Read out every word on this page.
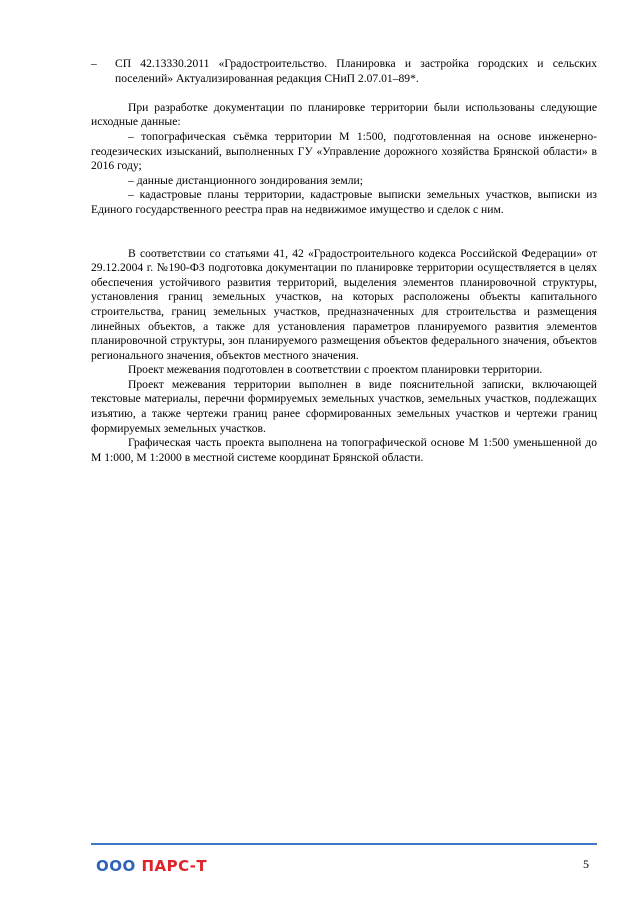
–	СП 42.13330.2011 «Градостроительство. Планировка и застройка городских и сельских поселений» Актуализированная редакция СНиП 2.07.01–89*.

При разработке документации по планировке территории были использованы следующие исходные данные:

– топографическая съёмка территории М 1:500, подготовленная на основе инженерно-геодезических изысканий, выполненных ГУ «Управление дорожного хозяйства Брянской области» в 2016 году;

– данные дистанционного зондирования земли;

– кадастровые планы территории, кадастровые выписки земельных участков, выписки из Единого государственного реестра прав на недвижимое имущество и сделок с ним.

В соответствии со статьями 41, 42 «Градостроительного кодекса Российской Федерации» от 29.12.2004 г. №190-ФЗ подготовка документации по планировке территории осуществляется в целях обеспечения устойчивого развития территорий, выделения элементов планировочной структуры, установления границ земельных участков, на которых расположены объекты капитального строительства, границ земельных участков, предназначенных для строительства и размещения линейных объектов, а также для установления параметров планируемого развития элементов планировочной структуры, зон планируемого размещения объектов федерального значения, объектов регионального значения, объектов местного значения.

Проект межевания подготовлен в соответствии с проектом планировки территории.

Проект межевания территории выполнен в виде пояснительной записки, включающей текстовые материалы, перечни формируемых земельных участков, земельных участков, подлежащих изъятию, а также чертежи границ ранее сформированных земельных участков и чертежи границ формируемых земельных участков.

Графическая часть проекта выполнена на топографической основе М 1:500 уменьшенной до М 1:000, М 1:2000 в местной системе координат Брянской области.

ООО ПАРС-Т	5
